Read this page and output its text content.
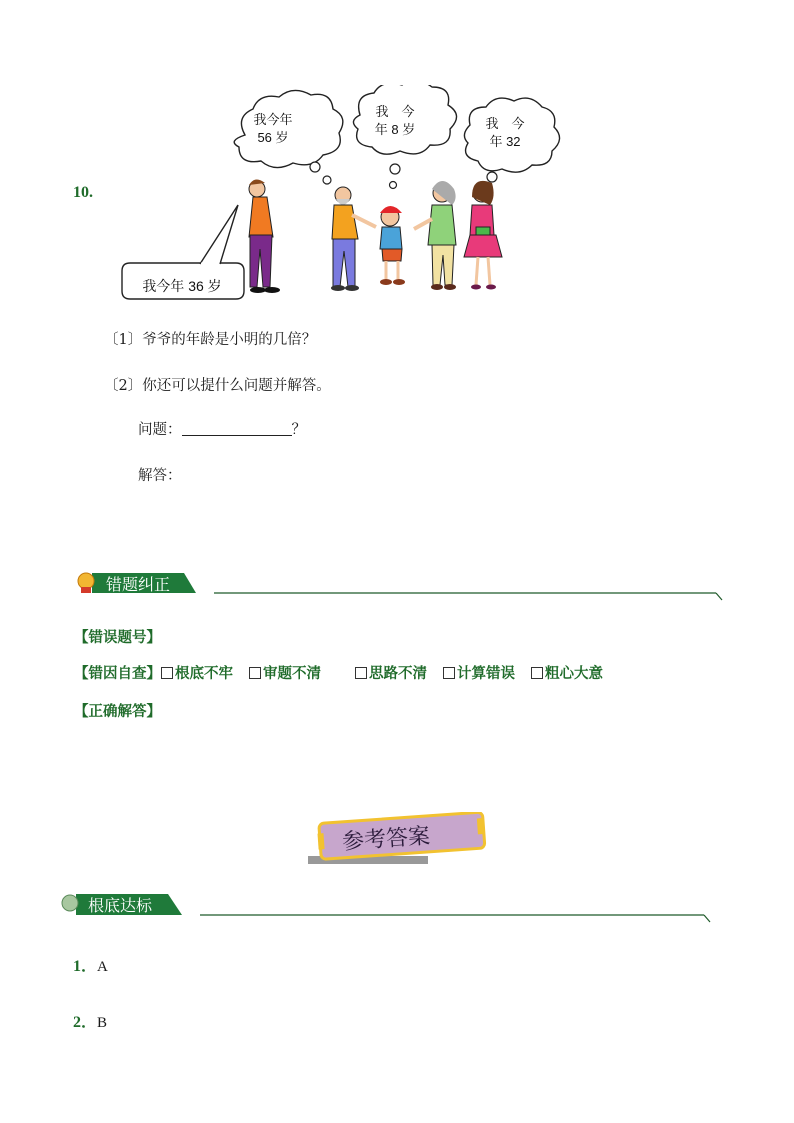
我今年
56 岁
我　今
年 8 岁	我　今
年 32
我今年 36 岁
10.
〔1〕爷爷的年龄是小明的几倍？
〔2〕你还可以提什么问题并解答。
问题：	？
解答：
错题纠正
【错误题号】
【错因自查】 根底不牢 审题不清	思路不清 计算错误 粗心大意
【正确解答】
参考答案
根底达标
1．A
2．B
